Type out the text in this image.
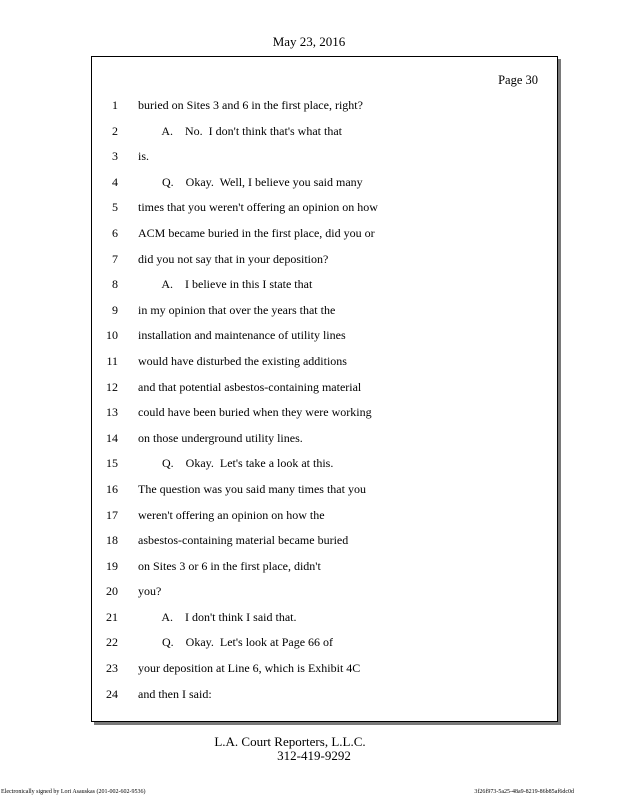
May 23, 2016
Page 30
1 buried on Sites 3 and 6 in the first place, right?
2 A.    No.  I don't think that's what that
3 is.
4 Q.    Okay.  Well, I believe you said many
5 times that you weren't offering an opinion on how
6 ACM became buried in the first place, did you or
7 did you not say that in your deposition?
8 A.    I believe in this I state that
9 in my opinion that over the years that the
10 installation and maintenance of utility lines
11 would have disturbed the existing additions
12 and that potential asbestos-containing material
13 could have been buried when they were working
14 on those underground utility lines.
15 Q.    Okay.  Let's take a look at this.
16 The question was you said many times that you
17 weren't offering an opinion on how the
18 asbestos-containing material became buried
19 on Sites 3 or 6 in the first place, didn't
20 you?
21 A.    I don't think I said that.
22 Q.    Okay.  Let's look at Page 66 of
23 your deposition at Line 6, which is Exhibit 4C
24 and then I said:
L.A. Court Reporters, L.L.C.
312-419-9292
Electronically signed by Lori Asauskas (201-002-602-9536)	3f26f973-5a25-48a9-8219-86b85af6dc0d
